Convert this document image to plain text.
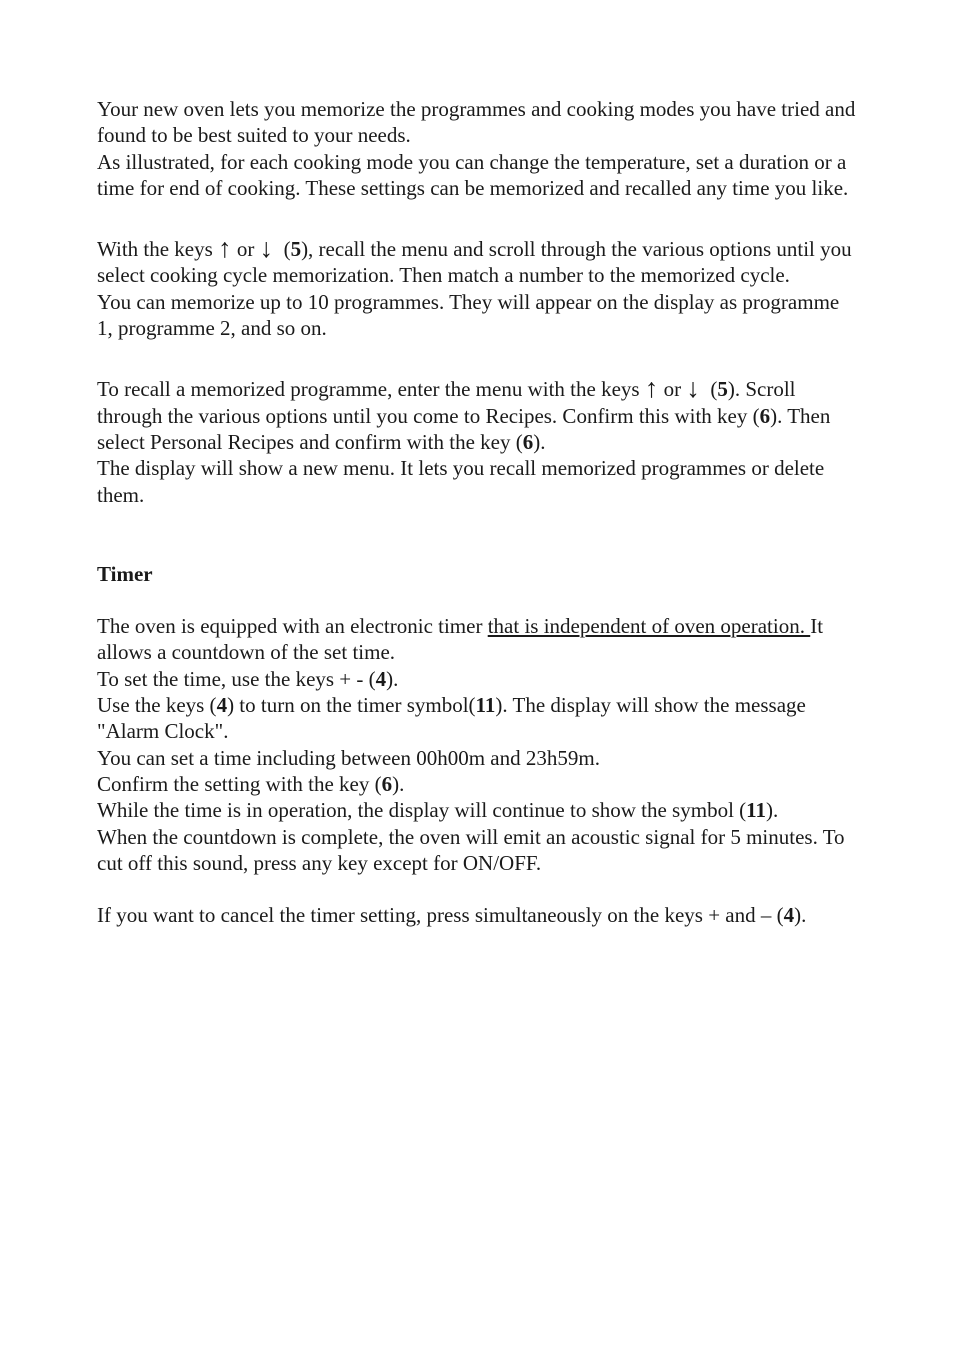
Your new oven lets you memorize the programmes and cooking modes you have tried and found to be best suited to your needs.

As illustrated, for each cooking mode you can change the temperature, set a duration or a time for end of cooking. These settings can be memorized and recalled any time you like.

With the keys ↑ or ↓  (5), recall the menu and scroll through the various options until you select cooking cycle memorization. Then match a number to the memorized cycle.

You can memorize up to 10 programmes. They will appear on the display as programme 1, programme 2, and so on.

To recall a memorized programme, enter the menu with the keys ↑ or ↓  (5). Scroll through the various options until you come to Recipes. Confirm this with key (6). Then select Personal Recipes and confirm with the key (6).

The display will show a new menu. It lets you recall memorized programmes or delete them.

Timer

The oven is equipped with an electronic timer that is independent of oven operation. It allows a countdown of the set time.

To set the time, use the keys + - (4).

Use the keys (4) to turn on the timer symbol(11). The display will show the message "Alarm Clock".

You can set a time including between 00h00m and 23h59m.

Confirm the setting with the key (6).

While the time is in operation, the display will continue to show the symbol (11).

When the countdown is complete, the oven will emit an acoustic signal for 5 minutes. To cut off this sound, press any key except for ON/OFF.

If you want to cancel the timer setting, press simultaneously on the keys + and – (4).
